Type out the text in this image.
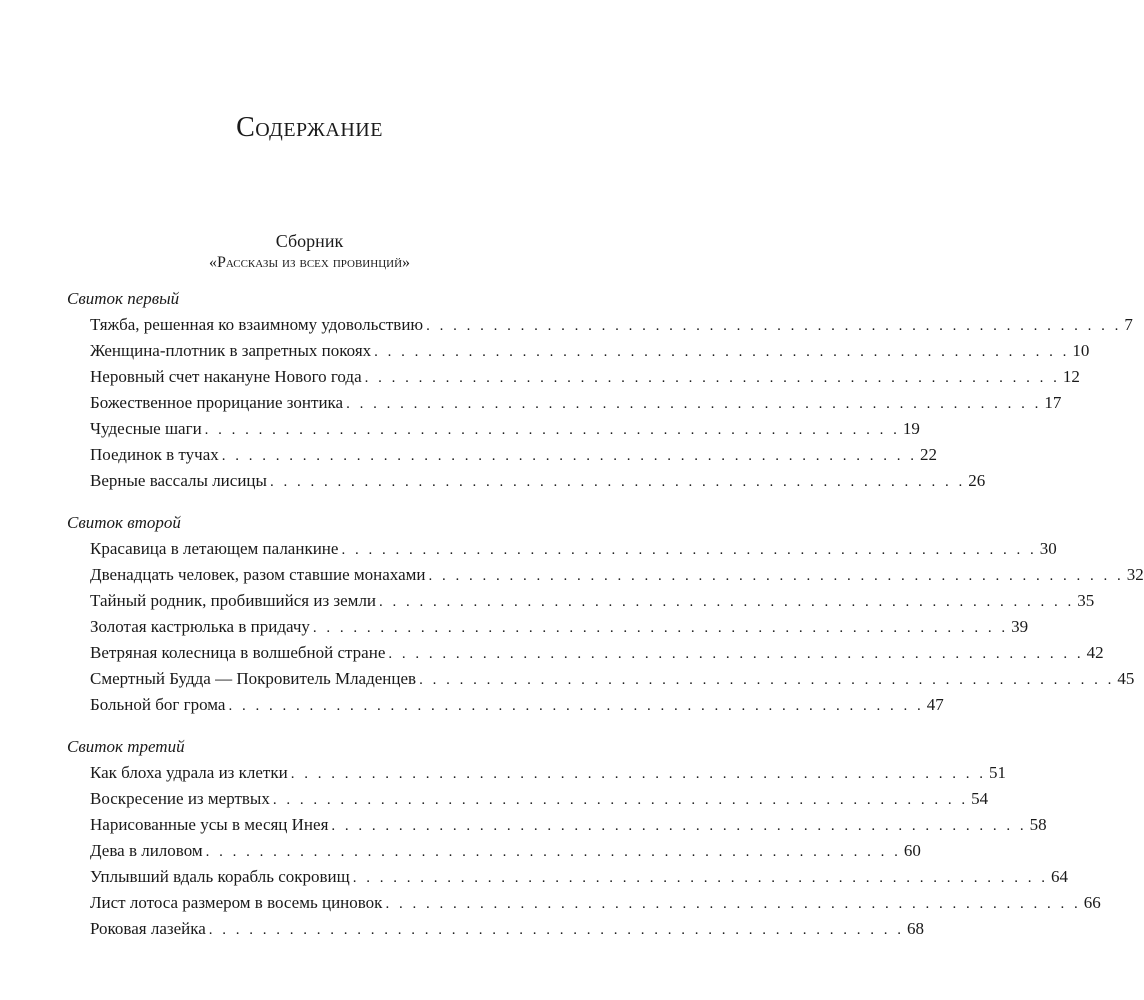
Содержание
Сборник
«Рассказы из всех провинций»
Свиток первый
Тяжба, решенная ко взаимному удовольствию . . . . . . . . . . . . . . . . . . . . . . . . . . . . . . . . . . . . . . . . . . . . . . . . . . . . 7
Женщина-плотник в запретных покоях . . . . . . . . . . . . . . . . . . . . . . . . . . . . . . . . . . . . . . . . . . . . . . . . . . . . 10
Неровный счет накануне Нового года . . . . . . . . . . . . . . . . . . . . . . . . . . . . . . . . . . . . . . . . . . . . . . . . . . . . 12
Божественное прорицание зонтика . . . . . . . . . . . . . . . . . . . . . . . . . . . . . . . . . . . . . . . . . . . . . . . . . . . . 17
Чудесные шаги . . . . . . . . . . . . . . . . . . . . . . . . . . . . . . . . . . . . . . . . . . . . . . . . . . . . 19
Поединок в тучах . . . . . . . . . . . . . . . . . . . . . . . . . . . . . . . . . . . . . . . . . . . . . . . . . . . . 22
Верные вассалы лисицы . . . . . . . . . . . . . . . . . . . . . . . . . . . . . . . . . . . . . . . . . . . . . . . . . . . . 26
Свиток второй
Красавица в летающем паланкине . . . . . . . . . . . . . . . . . . . . . . . . . . . . . . . . . . . . . . . . . . . . . . . . . . . . 30
Двенадцать человек, разом ставшие монахами . . . . . . . . . . . . . . . . . . . . . . . . . . . . . . . . . . . . . . . . . . . . . . . . . . . . 32
Тайный родник, пробившийся из земли . . . . . . . . . . . . . . . . . . . . . . . . . . . . . . . . . . . . . . . . . . . . . . . . . . . . 35
Золотая кастрюлька в придачу . . . . . . . . . . . . . . . . . . . . . . . . . . . . . . . . . . . . . . . . . . . . . . . . . . . . 39
Ветряная колесница в волшебной стране . . . . . . . . . . . . . . . . . . . . . . . . . . . . . . . . . . . . . . . . . . . . . . . . . . . . 42
Смертный Будда — Покровитель Младенцев . . . . . . . . . . . . . . . . . . . . . . . . . . . . . . . . . . . . . . . . . . . . . . . . . . . . 45
Больной бог грома . . . . . . . . . . . . . . . . . . . . . . . . . . . . . . . . . . . . . . . . . . . . . . . . . . . . 47
Свиток третий
Как блоха удрала из клетки . . . . . . . . . . . . . . . . . . . . . . . . . . . . . . . . . . . . . . . . . . . . . . . . . . . . 51
Воскресение из мертвых . . . . . . . . . . . . . . . . . . . . . . . . . . . . . . . . . . . . . . . . . . . . . . . . . . . . 54
Нарисованные усы в месяц Инея . . . . . . . . . . . . . . . . . . . . . . . . . . . . . . . . . . . . . . . . . . . . . . . . . . . . 58
Дева в лиловом . . . . . . . . . . . . . . . . . . . . . . . . . . . . . . . . . . . . . . . . . . . . . . . . . . . . 60
Уплывший вдаль корабль сокровищ . . . . . . . . . . . . . . . . . . . . . . . . . . . . . . . . . . . . . . . . . . . . . . . . . . . . 64
Лист лотоса размером в восемь циновок . . . . . . . . . . . . . . . . . . . . . . . . . . . . . . . . . . . . . . . . . . . . . . . . . . . . 66
Роковая лазейка . . . . . . . . . . . . . . . . . . . . . . . . . . . . . . . . . . . . . . . . . . . . . . . . . . . . 68
